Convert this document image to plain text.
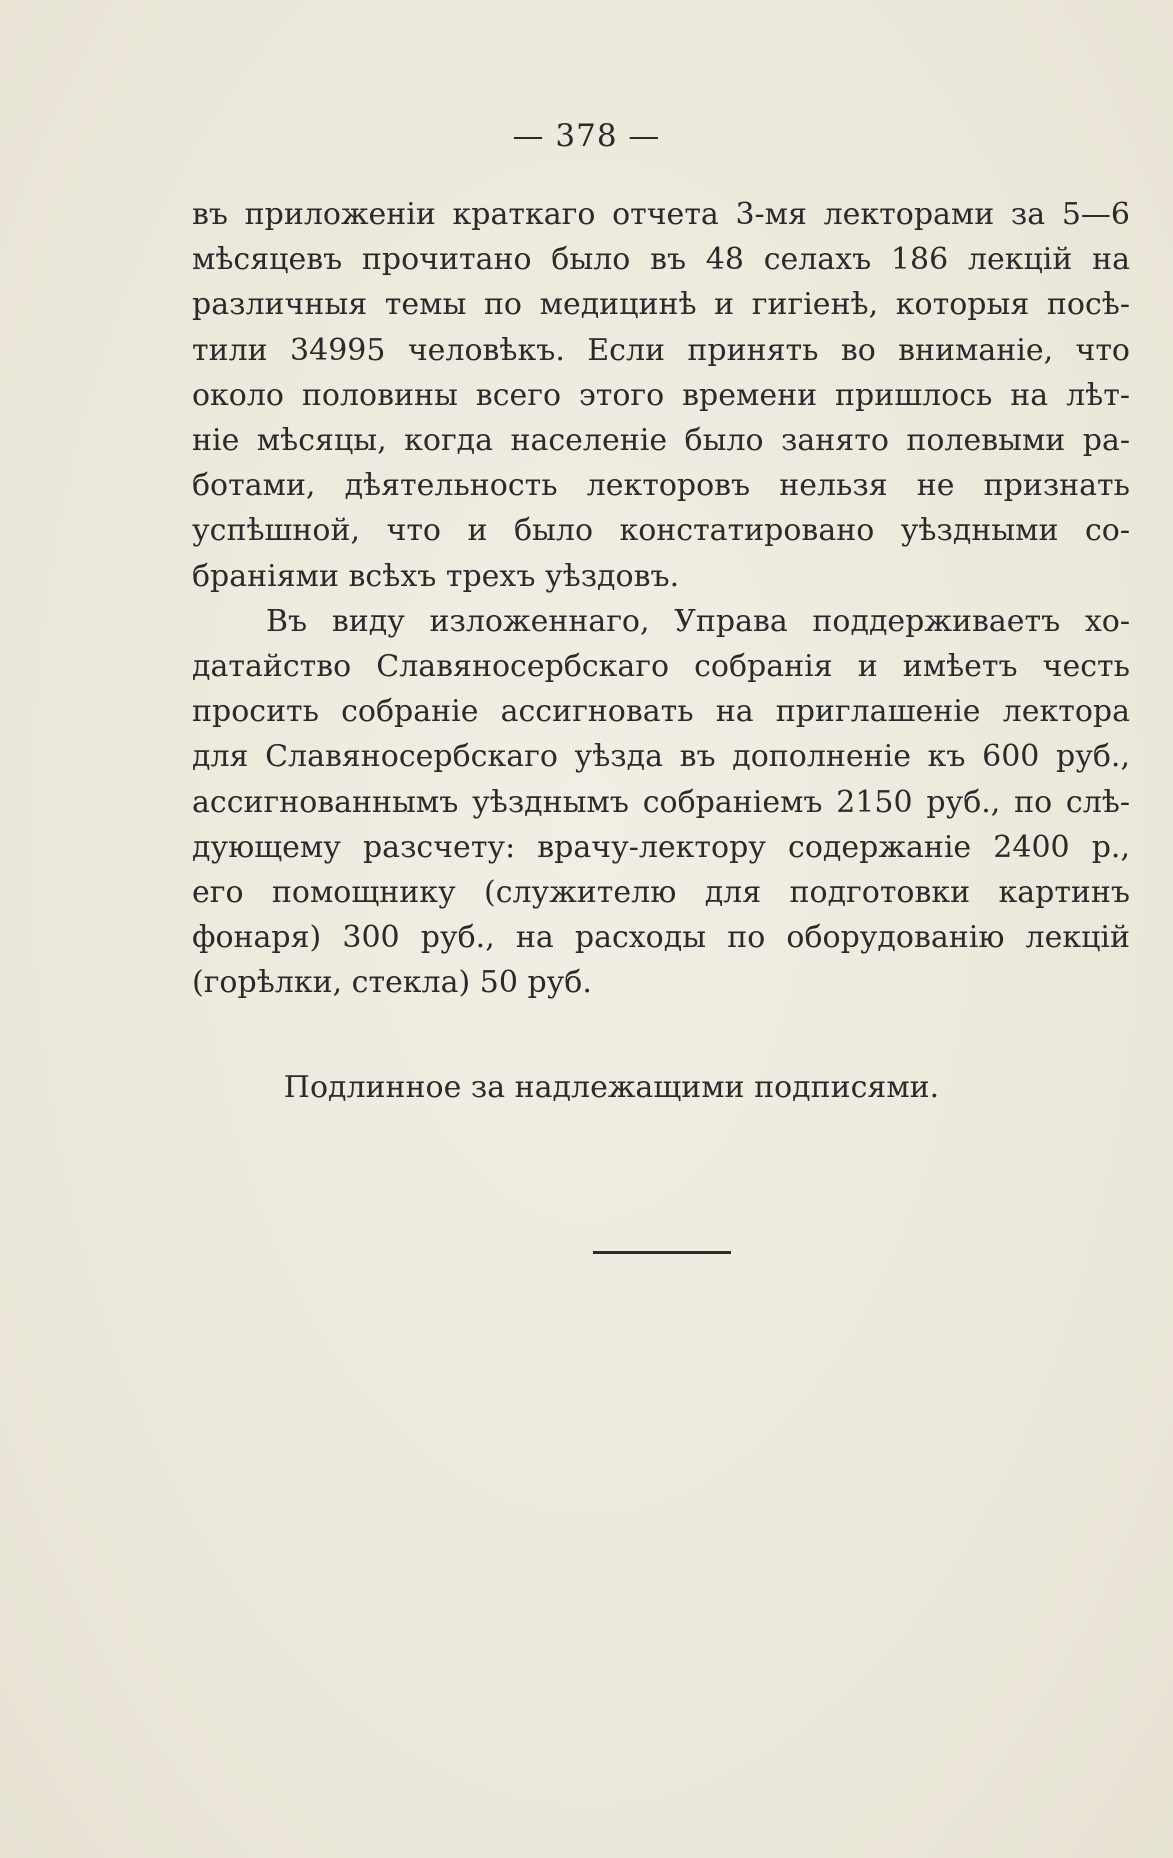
— 378 —
въ приложеніи краткаго отчета 3-мя лекторами за 5—6
мѣсяцевъ прочитано было въ 48 селахъ 186 лекцій на
различныя темы по медицинѣ и гигіенѣ, которыя посѣ-
тили 34995 человѣкъ. Если принять во вниманіе, что
около половины всего этого времени пришлось на лѣт-
ніе мѣсяцы, когда населеніе было занято полевыми ра-
ботами, дѣятельность лекторовъ нельзя не признать
успѣшной, что и было констатировано уѣздными со-
браніями всѣхъ трехъ уѣздовъ.
Въ виду изложеннаго, Управа поддерживаетъ хо-
датайство Славяносербскаго собранія и имѣетъ честь
просить собраніе ассигновать на приглашеніе лектора
для Славяносербскаго уѣзда въ дополненіе къ 600 руб.,
ассигнованнымъ уѣзднымъ собраніемъ 2150 руб., по слѣ-
дующему разсчету: врачу-лектору содержаніе 2400 р.,
его помощнику (служителю для подготовки картинъ
фонаря) 300 руб., на расходы по оборудованію лекцій
(горѣлки, стекла) 50 руб.
Подлинное за надлежащими подписями.
